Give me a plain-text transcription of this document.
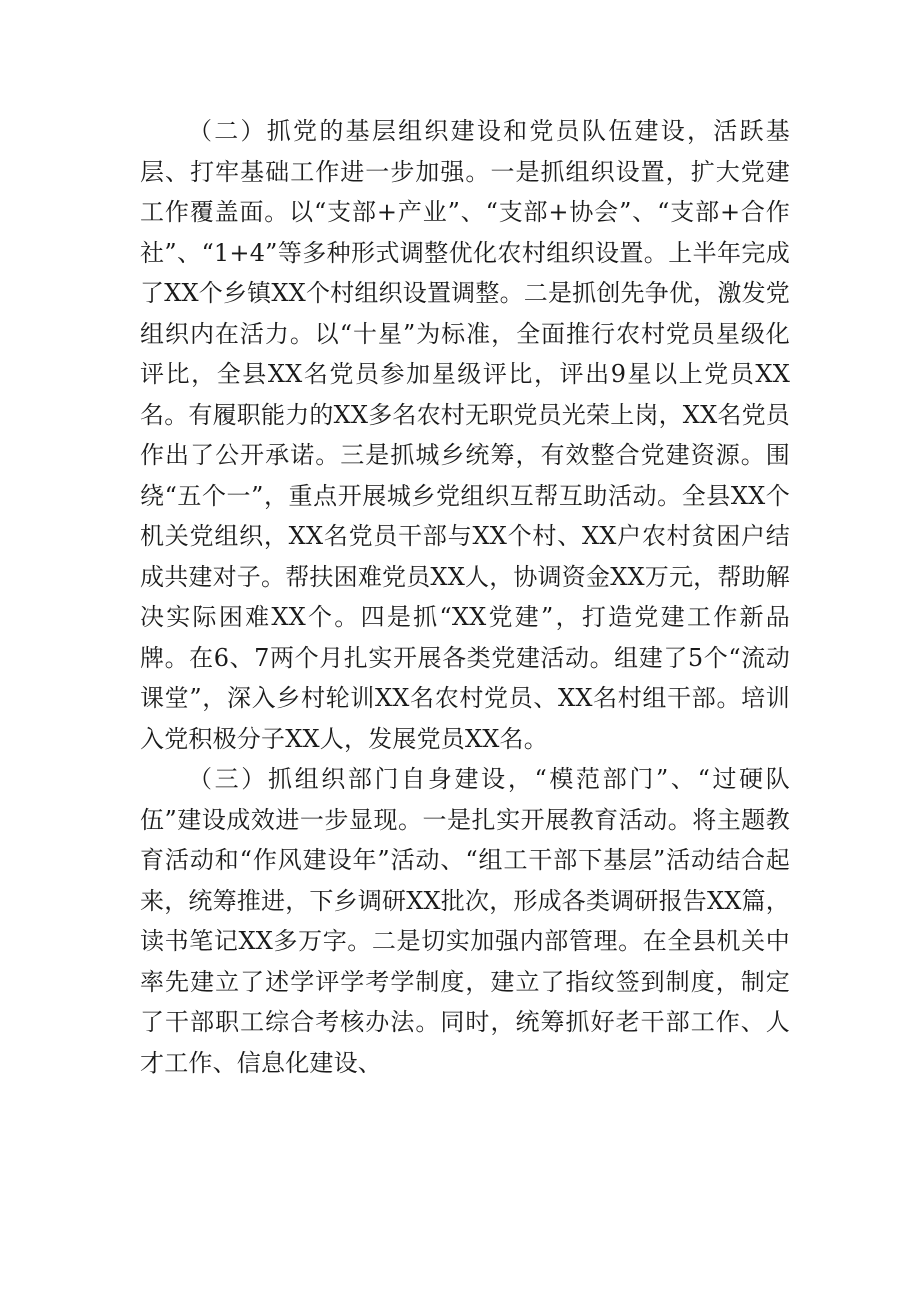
（二）抓党的基层组织建设和党员队伍建设，活跃基层、打牢基础工作进一步加强。一是抓组织设置，扩大党建工作覆盖面。以“支部+产业”、“支部+协会”、“支部+合作社”、“1+4”等多种形式调整优化农村组织设置。上半年完成了XX个乡镇XX个村组织设置调整。二是抓创先争优，激发党组织内在活力。以“十星”为标准，全面推行农村党员星级化评比，全县XX名党员参加星级评比，评出9星以上党员XX名。有履职能力的XX多名农村无职党员光荣上岗，XX名党员作出了公开承诺。三是抓城乡统筹，有效整合党建资源。围绕“五个一”，重点开展城乡党组织互帮互助活动。全县XX个机关党组织，XX名党员干部与XX个村、XX户农村贫困户结成共建对子。帮扶困难党员XX人，协调资金XX万元，帮助解决实际困难XX个。四是抓“XX党建”，打造党建工作新品牌。在6、7两个月扎实开展各类党建活动。组建了5个“流动课堂”，深入乡村轮训XX名农村党员、XX名村组干部。培训入党积极分子XX人，发展党员XX名。

（三）抓组织部门自身建设，“模范部门”、“过硬队伍”建设成效进一步显现。一是扎实开展教育活动。将主题教育活动和“作风建设年”活动、“组工干部下基层”活动结合起来，统筹推进，下乡调研XX批次，形成各类调研报告XX篇，读书笔记XX多万字。二是切实加强内部管理。在全县机关中率先建立了述学评学考学制度，建立了指纹签到制度，制定了干部职工综合考核办法。同时，统筹抓好老干部工作、人才工作、信息化建设、
